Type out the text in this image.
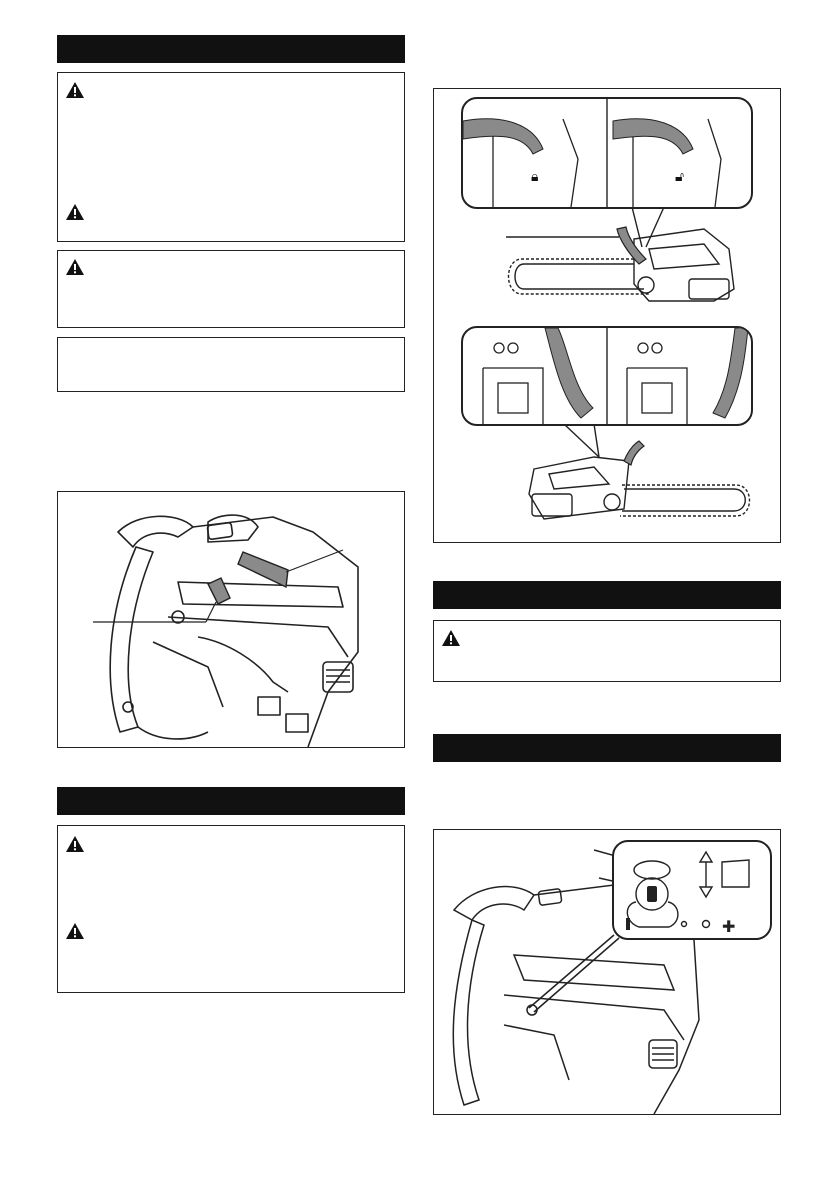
🔒︎	🔓︎
✚︎
